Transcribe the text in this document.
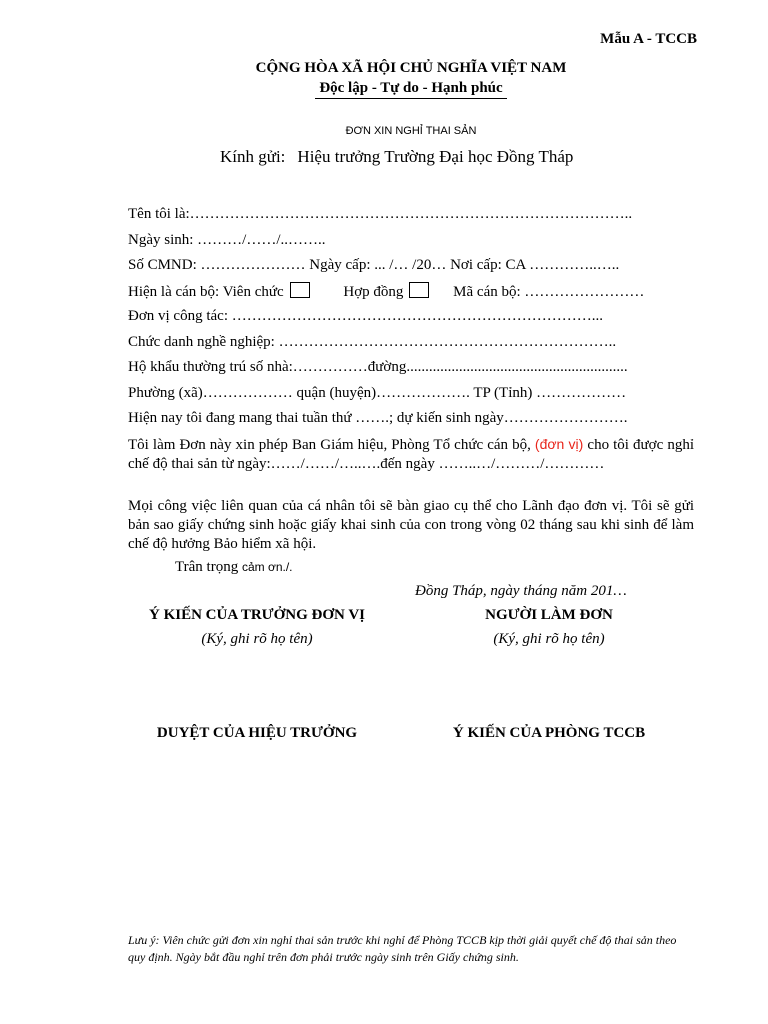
Mẫu A - TCCB
CỘNG HÒA XÃ HỘI CHỦ NGHĨA VIỆT NAM
Độc lập - Tự do - Hạnh phúc
ĐƠN XIN NGHỈ THAI SẢN
Kính gửi: Hiệu trưởng Trường Đại học Đồng Tháp
Tên tôi là:……………………………………………………………………………..
Ngày sinh: ………/……/..……..
Số CMND: ………………… Ngày cấp: ... /… /20… Nơi cấp: CA …………..…..
Hiện là cán bộ: Viên chức	Hợp đồng	Mã cán bộ: ……………………
Đơn vị công tác: ………………………………………………………………...
Chức danh nghề nghiệp: …………………………………………………………..
Hộ khẩu thường trú số nhà:……………đường...........................................................
Phường (xã)……………… quận (huyện)………………. TP (Tỉnh) ………………
Hiện nay tôi đang mang thai tuần thứ …….; dự kiến sinh ngày…………………….
Tôi làm Đơn này xin phép Ban Giám hiệu, Phòng Tổ chức cán bộ, (đơn vị) cho tôi được nghỉ chế độ thai sản từ ngày:……/……/…..….đến ngày ……..…/………/…………
Mọi công việc liên quan của cá nhân tôi sẽ bàn giao cụ thể cho Lãnh đạo đơn vị. Tôi sẽ gửi bản sao giấy chứng sinh hoặc giấy khai sinh của con trong vòng 02 tháng sau khi sinh để làm chế độ hưởng Bảo hiểm xã hội.
Trân trọng cảm ơn./.
Đồng Tháp, ngày tháng năm 201…
Ý KIẾN CỦA TRƯỞNG ĐƠN VỊ	NGƯỜI LÀM ĐƠN
(Ký, ghi rõ họ tên)	(Ký, ghi rõ họ tên)
DUYỆT CỦA HIỆU TRƯỞNG	Ý KIẾN CỦA PHÒNG TCCB
Lưu ý: Viên chức gửi đơn xin nghỉ thai sản trước khi nghỉ để Phòng TCCB kịp thời giải quyết chế độ thai sản theo quy định. Ngày bắt đầu nghỉ trên đơn phải trước ngày sinh trên Giấy chứng sinh.
